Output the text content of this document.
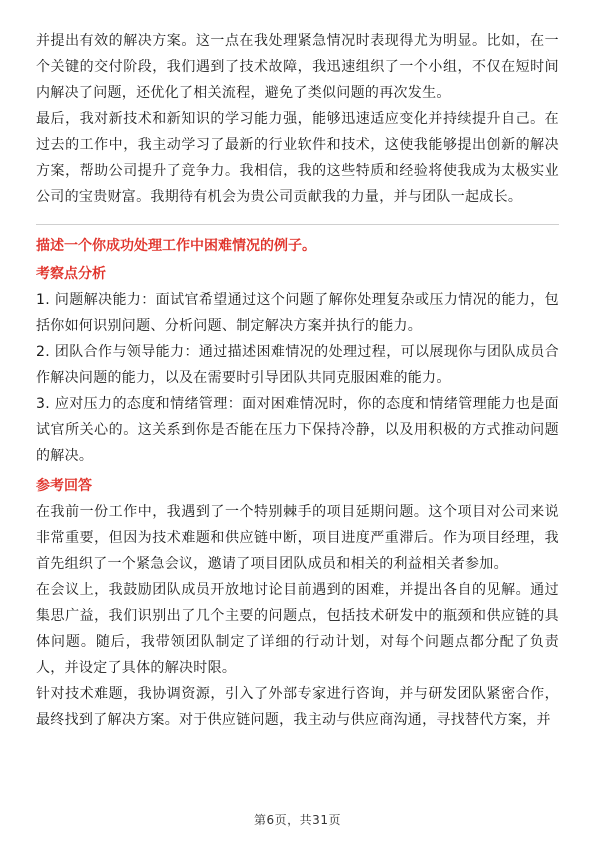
并提出有效的解决方案。这一点在我处理紧急情况时表现得尤为明显。比如，在一个关键的交付阶段，我们遇到了技术故障，我迅速组织了一个小组，不仅在短时间内解决了问题，还优化了相关流程，避免了类似问题的再次发生。

最后，我对新技术和新知识的学习能力强，能够迅速适应变化并持续提升自己。在过去的工作中，我主动学习了最新的行业软件和技术，这使我能够提出创新的解决方案，帮助公司提升了竞争力。我相信，我的这些特质和经验将使我成为太极实业公司的宝贵财富。我期待有机会为贵公司贡献我的力量，并与团队一起成长。

描述一个你成功处理工作中困难情况的例子。

考察点分析

1. 问题解决能力：面试官希望通过这个问题了解你处理复杂或压力情况的能力，包括你如何识别问题、分析问题、制定解决方案并执行的能力。

2. 团队合作与领导能力：通过描述困难情况的处理过程，可以展现你与团队成员合作解决问题的能力，以及在需要时引导团队共同克服困难的能力。

3. 应对压力的态度和情绪管理：面对困难情况时，你的态度和情绪管理能力也是面试官所关心的。这关系到你是否能在压力下保持冷静，以及用积极的方式推动问题的解决。

参考回答

在我前一份工作中，我遇到了一个特别棘手的项目延期问题。这个项目对公司来说非常重要，但因为技术难题和供应链中断，项目进度严重滞后。作为项目经理，我首先组织了一个紧急会议，邀请了项目团队成员和相关的利益相关者参加。

在会议上，我鼓励团队成员开放地讨论目前遇到的困难，并提出各自的见解。通过集思广益，我们识别出了几个主要的问题点，包括技术研发中的瓶颈和供应链的具体问题。随后，我带领团队制定了详细的行动计划，对每个问题点都分配了负责人，并设定了具体的解决时限。

针对技术难题，我协调资源，引入了外部专家进行咨询，并与研发团队紧密合作，最终找到了解决方案。对于供应链问题，我主动与供应商沟通，寻找替代方案，并

第6页，共31页
